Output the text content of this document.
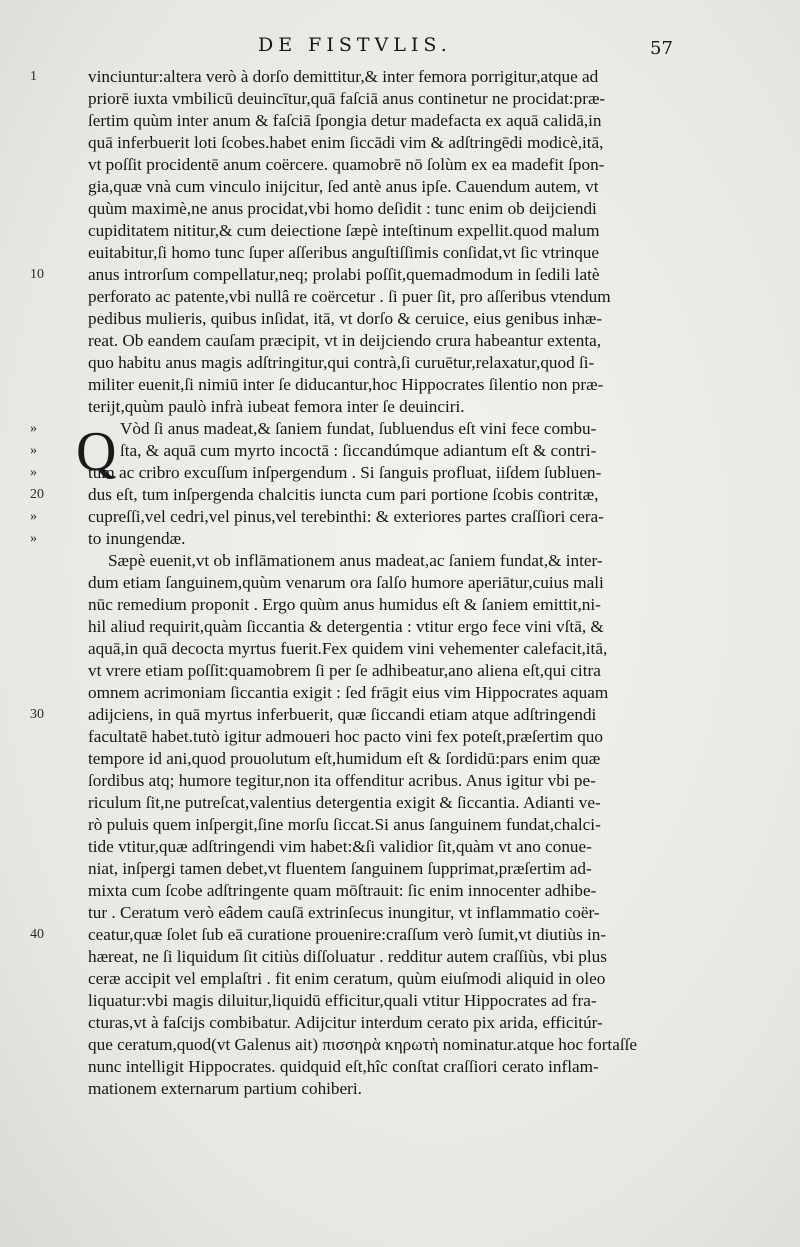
DE FISTVLIS.	57
Q
1	vinciuntur:altera verò à dorſo demittitur,& inter femora porrigitur,atque ad
priorē iuxta vmbilicū deuincītur,quā faſciā anus continetur ne procidat:præ-
ſertim quùm inter anum & faſciā ſpongia detur madefacta ex aquā calidā,in
quā inferbuerit loti ſcobes.habet enim ſiccādi vim & adſtringēdi modicè,itā,
vt poſſit procidentē anum coërcere. quamobrē nō ſolùm ex ea madefit ſpon-
gia,quæ vnà cum vinculo inijcitur, ſed antè anus ipſe. Cauendum autem, vt
quùm maximè,ne anus procidat,vbi homo deſidit : tunc enim ob deijciendi
cupiditatem nititur,& cum deiectione ſæpè inteſtinum expellit.quod malum
euitabitur,ſi homo tunc ſuper aſſeribus anguſtiſſimis conſidat,vt ſic vtrinque
10	anus introrſum compellatur,neq; prolabi poſſit,quemadmodum in ſedili latè
perforato ac patente,vbi nullâ re coërcetur . ſi puer ſit, pro aſſeribus vtendum
pedibus mulieris, quibus inſidat, itā, vt dorſo & ceruice, eius genibus inhæ-
reat. Ob eandem cauſam præcipit, vt in deijciendo crura habeantur extenta,
quo habitu anus magis adſtringitur,qui contrà,ſi curuētur,relaxatur,quod ſi-
militer euenit,ſi nimiū inter ſe diducantur,hoc Hippocrates ſilentio non præ-
terijt,quùm paulò infrà iubeat femora inter ſe deuinciri.
»	Vòd ſi anus madeat,& ſaniem fundat, ſubluendus eſt vini fece combu-
»	ſta, & aquā cum myrto incoctā : ſiccandúmque adiantum eſt & contri-
»	tum ac cribro excuſſum inſpergendum . Si ſanguis profluat, iiſdem ſubluen-
20	dus eſt, tum inſpergenda chalcitis iuncta cum pari portione ſcobis contritæ,
»	cupreſſi,vel cedri,vel pinus,vel terebinthi: & exteriores partes craſſiori cera-
»	to inungendæ.
Sæpè euenit,vt ob inflāmationem anus madeat,ac ſaniem fundat,& inter-
dum etiam ſanguinem,quùm venarum ora ſalſo humore aperiātur,cuius mali
nūc remedium proponit . Ergo quùm anus humidus eſt & ſaniem emittit,ni-
hil aliud requirit,quàm ſiccantia & detergentia : vtitur ergo fece vini vſtā, &
aquā,in quā decocta myrtus fuerit.Fex quidem vini vehementer calefacit,itā,
vt vrere etiam poſſit:quamobrem ſi per ſe adhibeatur,ano aliena eſt,qui citra
omnem acrimoniam ſiccantia exigit : ſed frāgit eius vim Hippocrates aquam
30	adijciens, in quā myrtus inferbuerit, quæ ſiccandi etiam atque adſtringendi
facultatē habet.tutò igitur admoueri hoc pacto vini fex poteſt,præſertim quo
tempore id ani,quod prouolutum eſt,humidum eſt & ſordidū:pars enim quæ
ſordibus atq; humore tegitur,non ita offenditur acribus. Anus igitur vbi pe-
riculum ſit,ne putreſcat,valentius detergentia exigit & ſiccantia. Adianti ve-
rò puluis quem inſpergit,ſine morſu ſiccat.Si anus ſanguinem fundat,chalci-
tide vtitur,quæ adſtringendi vim habet:&ſi validior ſit,quàm vt ano conue-
niat, inſpergi tamen debet,vt fluentem ſanguinem ſupprimat,præſertim ad-
mixta cum ſcobe adſtringente quam mōſtrauit: ſic enim innocenter adhibe-
tur . Ceratum verò eâdem cauſā extrinſecus inungitur, vt inflammatio coër-
40	ceatur,quæ ſolet ſub eā curatione prouenire:craſſum verò ſumit,vt diutiùs in-
hæreat, ne ſi liquidum ſit citiùs diſſoluatur . redditur autem craſſiùs, vbi plus
ceræ accipit vel emplaſtri . fit enim ceratum, quùm eiuſmodi aliquid in oleo
liquatur:vbi magis diluitur,liquidū efficitur,quali vtitur Hippocrates ad fra-
cturas,vt à faſcijs combibatur. Adijcitur interdum cerato pix arida, efficitúr-
que ceratum,quod(vt Galenus ait) πισσηρὰ κηρωτὴ nominatur.atque hoc fortaſſe
nunc intelligit Hippocrates. quidquid eſt,hîc conſtat craſſiori cerato inflam-
mationem externarum partium cohiberi.
